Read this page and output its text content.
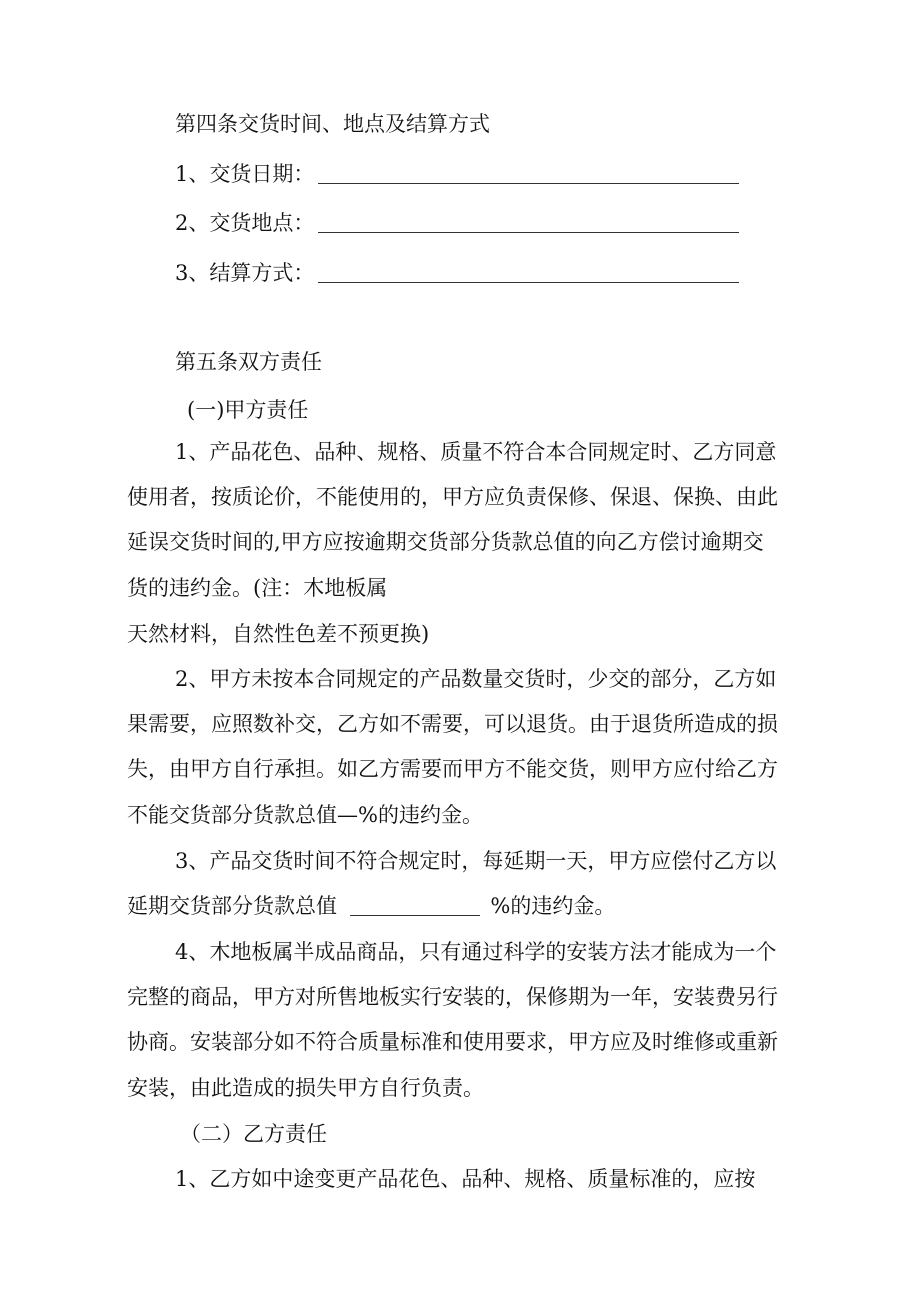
第四条交货时间、地点及结算方式
1、交货日期：
2、交货地点：
3、结算方式：
第五条双方责任
(一)甲方责任
1、产品花色、品种、规格、质量不符合本合同规定时、乙方同意
使用者，按质论价，不能使用的，甲方应负责保修、保退、保换、由此
延误交货时间的,甲方应按逾期交货部分货款总值的向乙方偿讨逾期交
货的违约金。(注：木地板属
天然材料，自然性色差不预更换)
2、甲方未按本合同规定的产品数量交货时，少交的部分，乙方如
果需要，应照数补交，乙方如不需要，可以退货。由于退货所造成的损
失，由甲方自行承担。如乙方需要而甲方不能交货，则甲方应付给乙方
不能交货部分货款总值—%的违约金。
3、产品交货时间不符合规定时，每延期一天，甲方应偿付乙方以
延期交货部分货款总值	%的违约金。
4、木地板属半成品商品，只有通过科学的安装方法才能成为一个
完整的商品，甲方对所售地板实行安装的，保修期为一年，安装费另行
协商。安装部分如不符合质量标准和使用要求，甲方应及时维修或重新
安装，由此造成的损失甲方自行负责。
（二）乙方责任
1、乙方如中途变更产品花色、品种、规格、质量标准的，应按
